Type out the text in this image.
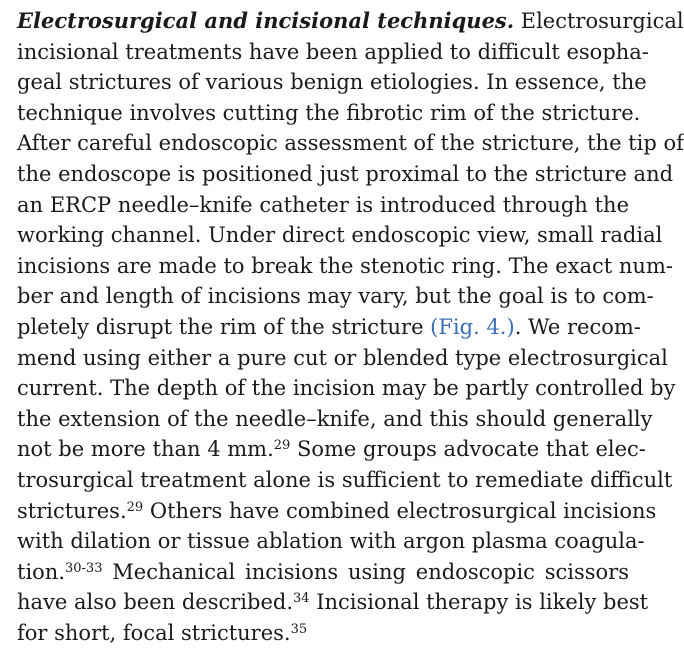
Electrosurgical and incisional techniques. Electrosurgical
incisional treatments have been applied to difficult esopha-
geal strictures of various benign etiologies. In essence, the
technique involves cutting the fibrotic rim of the stricture.
After careful endoscopic assessment of the stricture, the tip of
the endoscope is positioned just proximal to the stricture and
an ERCP needle–knife catheter is introduced through the
working channel. Under direct endoscopic view, small radial
incisions are made to break the stenotic ring. The exact num-
ber and length of incisions may vary, but the goal is to com-
pletely disrupt the rim of the stricture (Fig. 4.). We recom-
mend using either a pure cut or blended type electrosurgical
current. The depth of the incision may be partly controlled by
the extension of the needle–knife, and this should generally
not be more than 4 mm.$^{29}$ Some groups advocate that elec-
trosurgical treatment alone is sufficient to remediate difficult
strictures.$^{29}$ Others have combined electrosurgical incisions
with dilation or tissue ablation with argon plasma coagula-
tion.$^{30-33}$ Mechanical incisions using endoscopic scissors
have also been described.$^{34}$ Incisional therapy is likely best
for short, focal strictures.$^{35}$
